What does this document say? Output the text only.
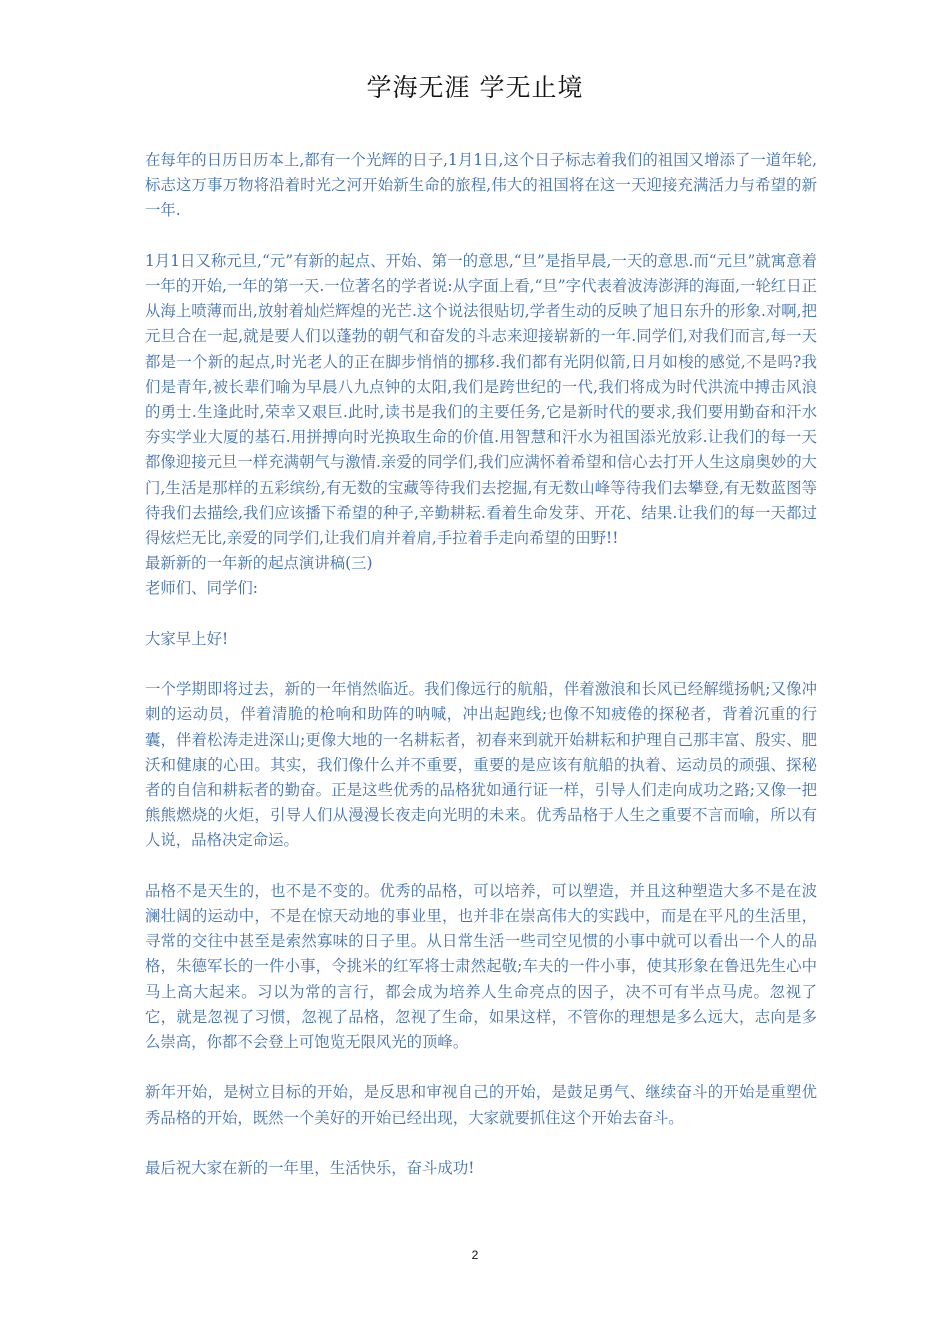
学海无涯 学无止境

在每年的日历日历本上,都有一个光辉的日子,1月1日,这个日子标志着我们的祖国又增添了一道年轮,标志这万事万物将沿着时光之河开始新生命的旅程,伟大的祖国将在这一天迎接充满活力与希望的新一年.

1月1日又称元旦,“元”有新的起点、开始、第一的意思,“旦”是指早晨,一天的意思.而“元旦”就寓意着一年的开始,一年的第一天.一位著名的学者说:从字面上看,“旦”字代表着波涛澎湃的海面,一轮红日正从海上喷薄而出,放射着灿烂辉煌的光芒.这个说法很贴切,学者生动的反映了旭日东升的形象.对啊,把元旦合在一起,就是要人们以蓬勃的朝气和奋发的斗志来迎接崭新的一年.同学们,对我们而言,每一天都是一个新的起点,时光老人的正在脚步悄悄的挪移.我们都有光阴似箭,日月如梭的感觉,不是吗?我们是青年,被长辈们喻为早晨八九点钟的太阳,我们是跨世纪的一代,我们将成为时代洪流中搏击风浪的勇士.生逢此时,荣幸又艰巨.此时,读书是我们的主要任务,它是新时代的要求,我们要用勤奋和汗水夯实学业大厦的基石.用拼搏向时光换取生命的价值.用智慧和汗水为祖国添光放彩.让我们的每一天都像迎接元旦一样充满朝气与激情.亲爱的同学们,我们应满怀着希望和信心去打开人生这扇奥妙的大门,生活是那样的五彩缤纷,有无数的宝藏等待我们去挖掘,有无数山峰等待我们去攀登,有无数蓝图等待我们去描绘,我们应该播下希望的种子,辛勤耕耘.看着生命发芽、开花、结果.让我们的每一天都过得炫烂无比,亲爱的同学们,让我们肩并着肩,手拉着手走向希望的田野!!

最新新的一年新的起点演讲稿(三)

老师们、同学们:

大家早上好!

一个学期即将过去，新的一年悄然临近。我们像远行的航船，伴着激浪和长风已经解缆扬帆;又像冲刺的运动员，伴着清脆的枪响和助阵的呐喊，冲出起跑线;也像不知疲倦的探秘者，背着沉重的行囊，伴着松涛走进深山;更像大地的一名耕耘者，初春来到就开始耕耘和护理自己那丰富、殷实、肥沃和健康的心田。其实，我们像什么并不重要，重要的是应该有航船的执着、运动员的顽强、探秘者的自信和耕耘者的勤奋。正是这些优秀的品格犹如通行证一样，引导人们走向成功之路;又像一把熊熊燃烧的火炬，引导人们从漫漫长夜走向光明的未来。优秀品格于人生之重要不言而喻，所以有人说，品格决定命运。

品格不是天生的，也不是不变的。优秀的品格，可以培养，可以塑造，并且这种塑造大多不是在波澜壮阔的运动中，不是在惊天动地的事业里，也并非在崇高伟大的实践中，而是在平凡的生活里，寻常的交往中甚至是索然寡味的日子里。从日常生活一些司空见惯的小事中就可以看出一个人的品格，朱德军长的一件小事，令挑米的红军将士肃然起敬;车夫的一件小事，使其形象在鲁迅先生心中马上高大起来。习以为常的言行，都会成为培养人生命亮点的因子，决不可有半点马虎。忽视了它，就是忽视了习惯，忽视了品格，忽视了生命，如果这样，不管你的理想是多么远大，志向是多么崇高，你都不会登上可饱览无限风光的顶峰。

新年开始，是树立目标的开始，是反思和审视自己的开始，是鼓足勇气、继续奋斗的开始是重塑优秀品格的开始，既然一个美好的开始已经出现，大家就要抓住这个开始去奋斗。

最后祝大家在新的一年里，生活快乐，奋斗成功!

2
